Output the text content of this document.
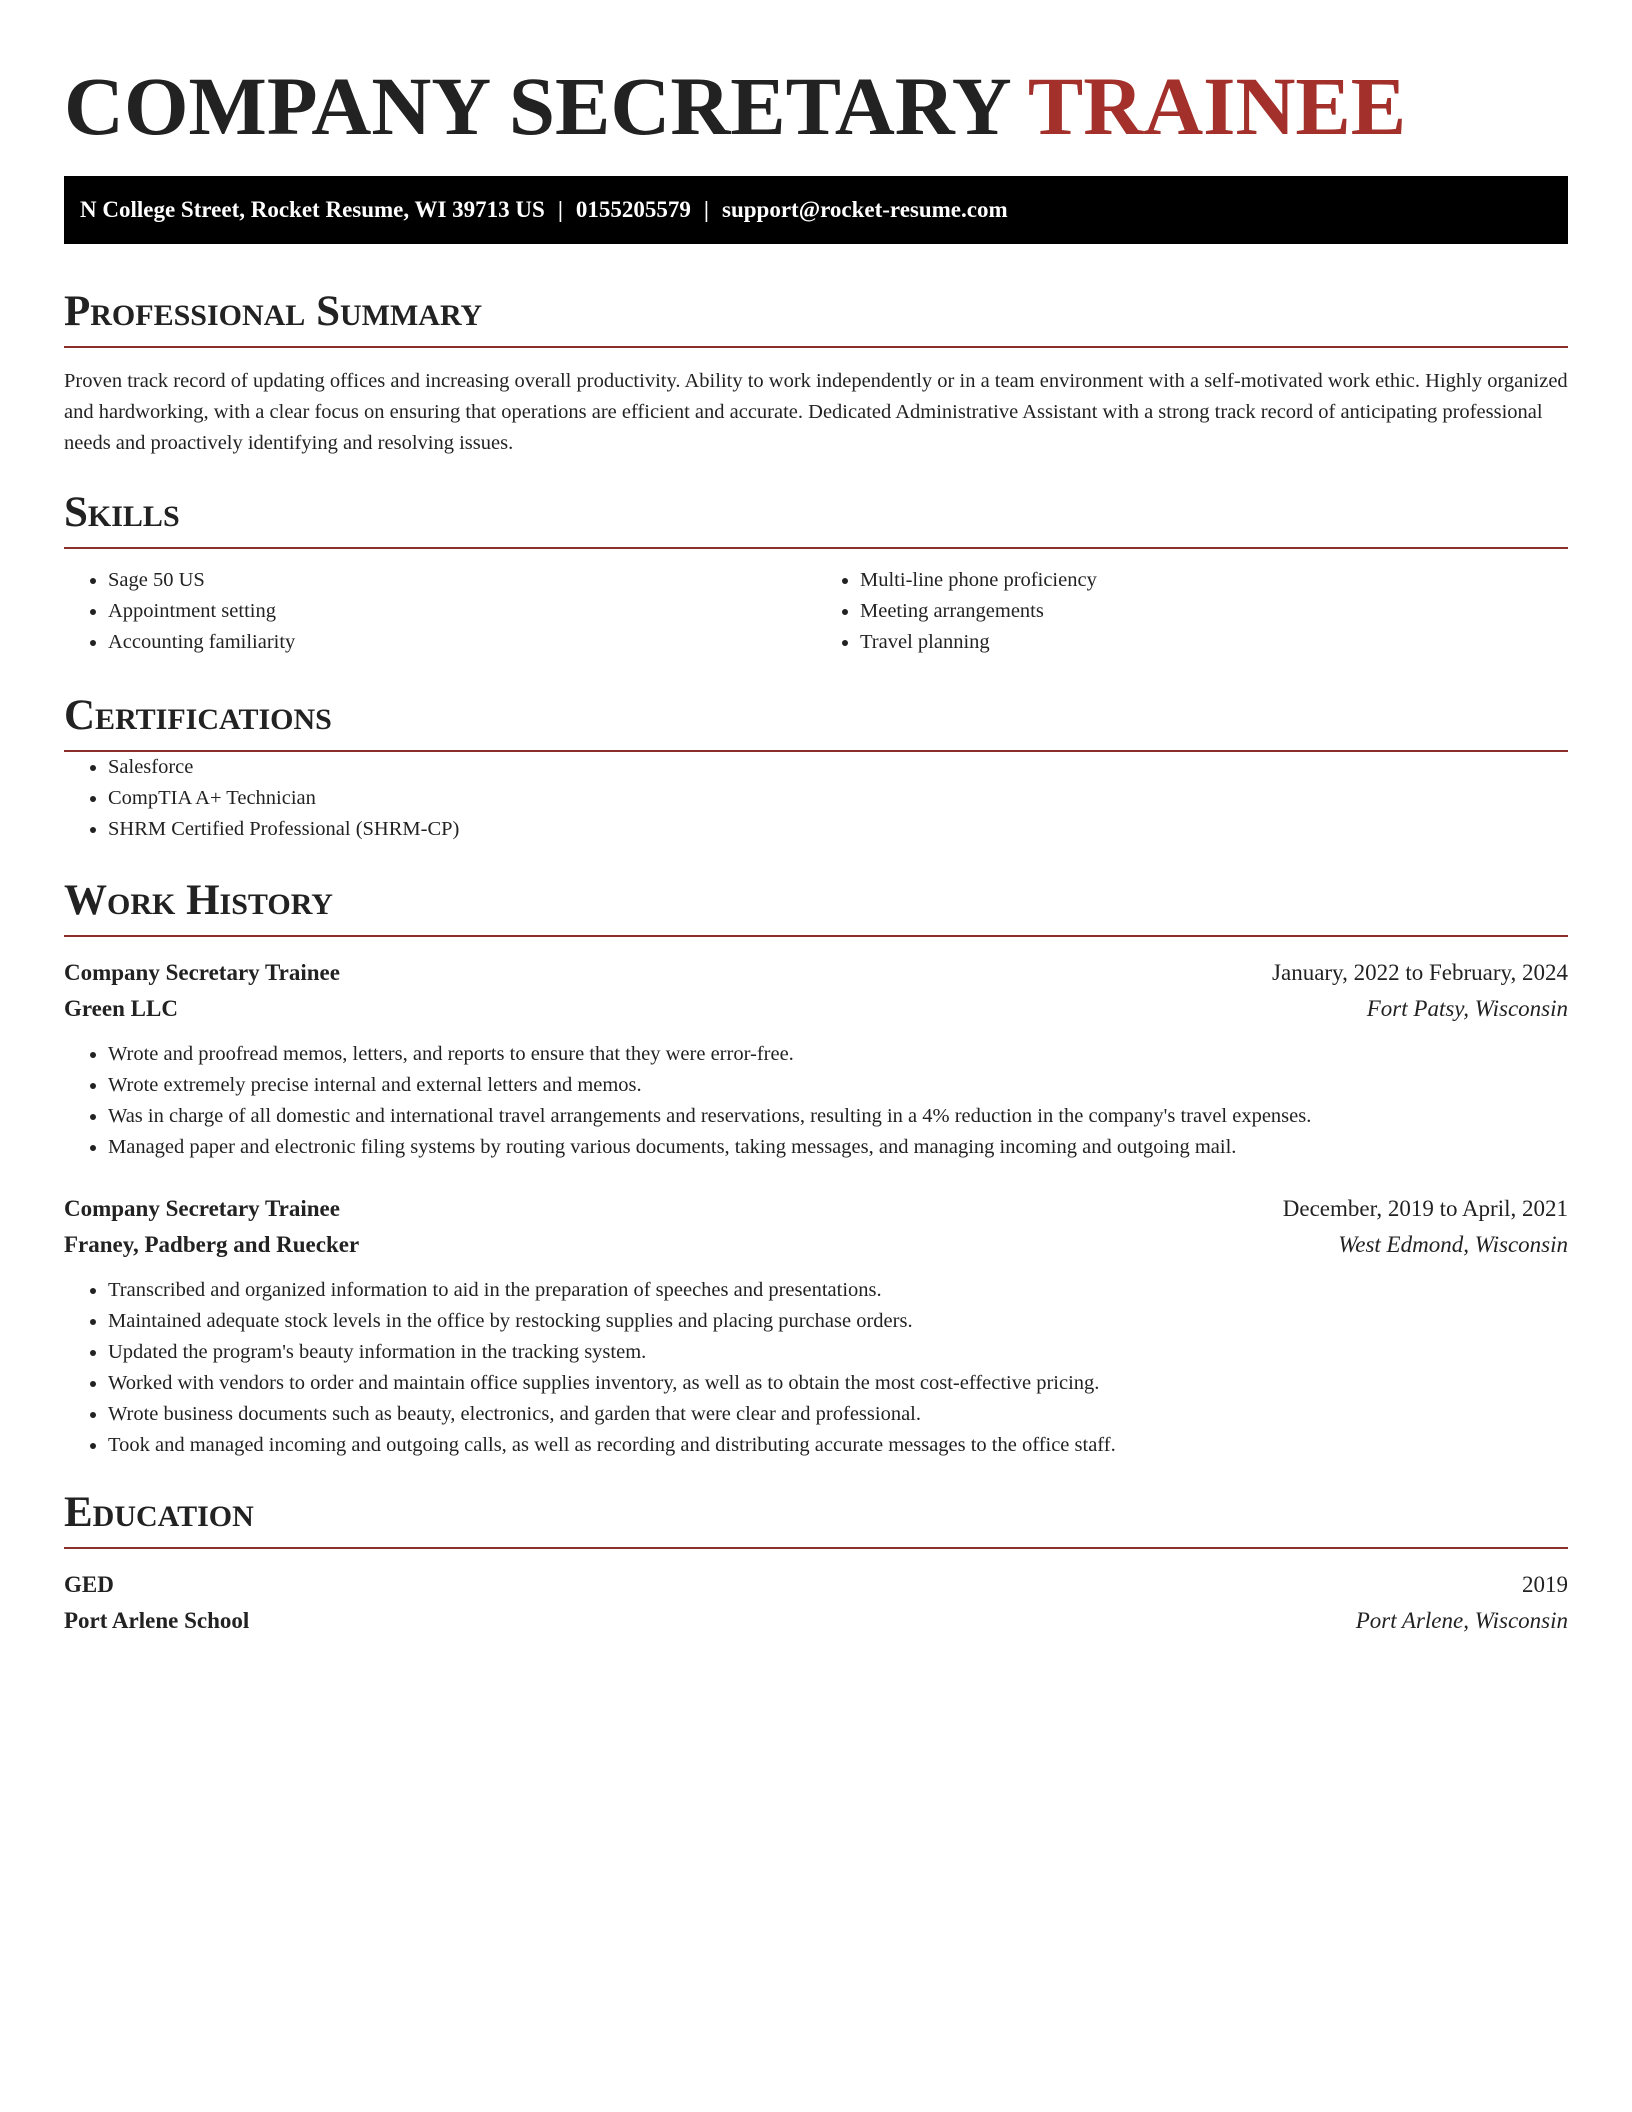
COMPANY SECRETARY TRAINEE
N College Street, Rocket Resume, WI 39713 US | 0155205579 | support@rocket-resume.com
Professional Summary

Proven track record of updating offices and increasing overall productivity. Ability to work independently or in a team environment with a self-motivated work ethic. Highly organized and hardworking, with a clear focus on ensuring that operations are efficient and accurate. Dedicated Administrative Assistant with a strong track record of anticipating professional needs and proactively identifying and resolving issues.

Skills
• Sage 50 US
• Appointment setting
• Accounting familiarity
• Multi-line phone proficiency
• Meeting arrangements
• Travel planning
Certifications
• Salesforce
• CompTIA A+ Technician
• SHRM Certified Professional (SHRM-CP)
Work History
Company Secretary Trainee	January, 2022 to February, 2024
Green LLC	Fort Patsy, Wisconsin
• Wrote and proofread memos, letters, and reports to ensure that they were error-free.
• Wrote extremely precise internal and external letters and memos.
• Was in charge of all domestic and international travel arrangements and reservations, resulting in a 4% reduction in the company's travel expenses.
• Managed paper and electronic filing systems by routing various documents, taking messages, and managing incoming and outgoing mail.
Company Secretary Trainee	December, 2019 to April, 2021
Franey, Padberg and Ruecker	West Edmond, Wisconsin
• Transcribed and organized information to aid in the preparation of speeches and presentations.
• Maintained adequate stock levels in the office by restocking supplies and placing purchase orders.
• Updated the program's beauty information in the tracking system.
• Worked with vendors to order and maintain office supplies inventory, as well as to obtain the most cost-effective pricing.
• Wrote business documents such as beauty, electronics, and garden that were clear and professional.
• Took and managed incoming and outgoing calls, as well as recording and distributing accurate messages to the office staff.
Education
GED	2019
Port Arlene School	Port Arlene, Wisconsin
